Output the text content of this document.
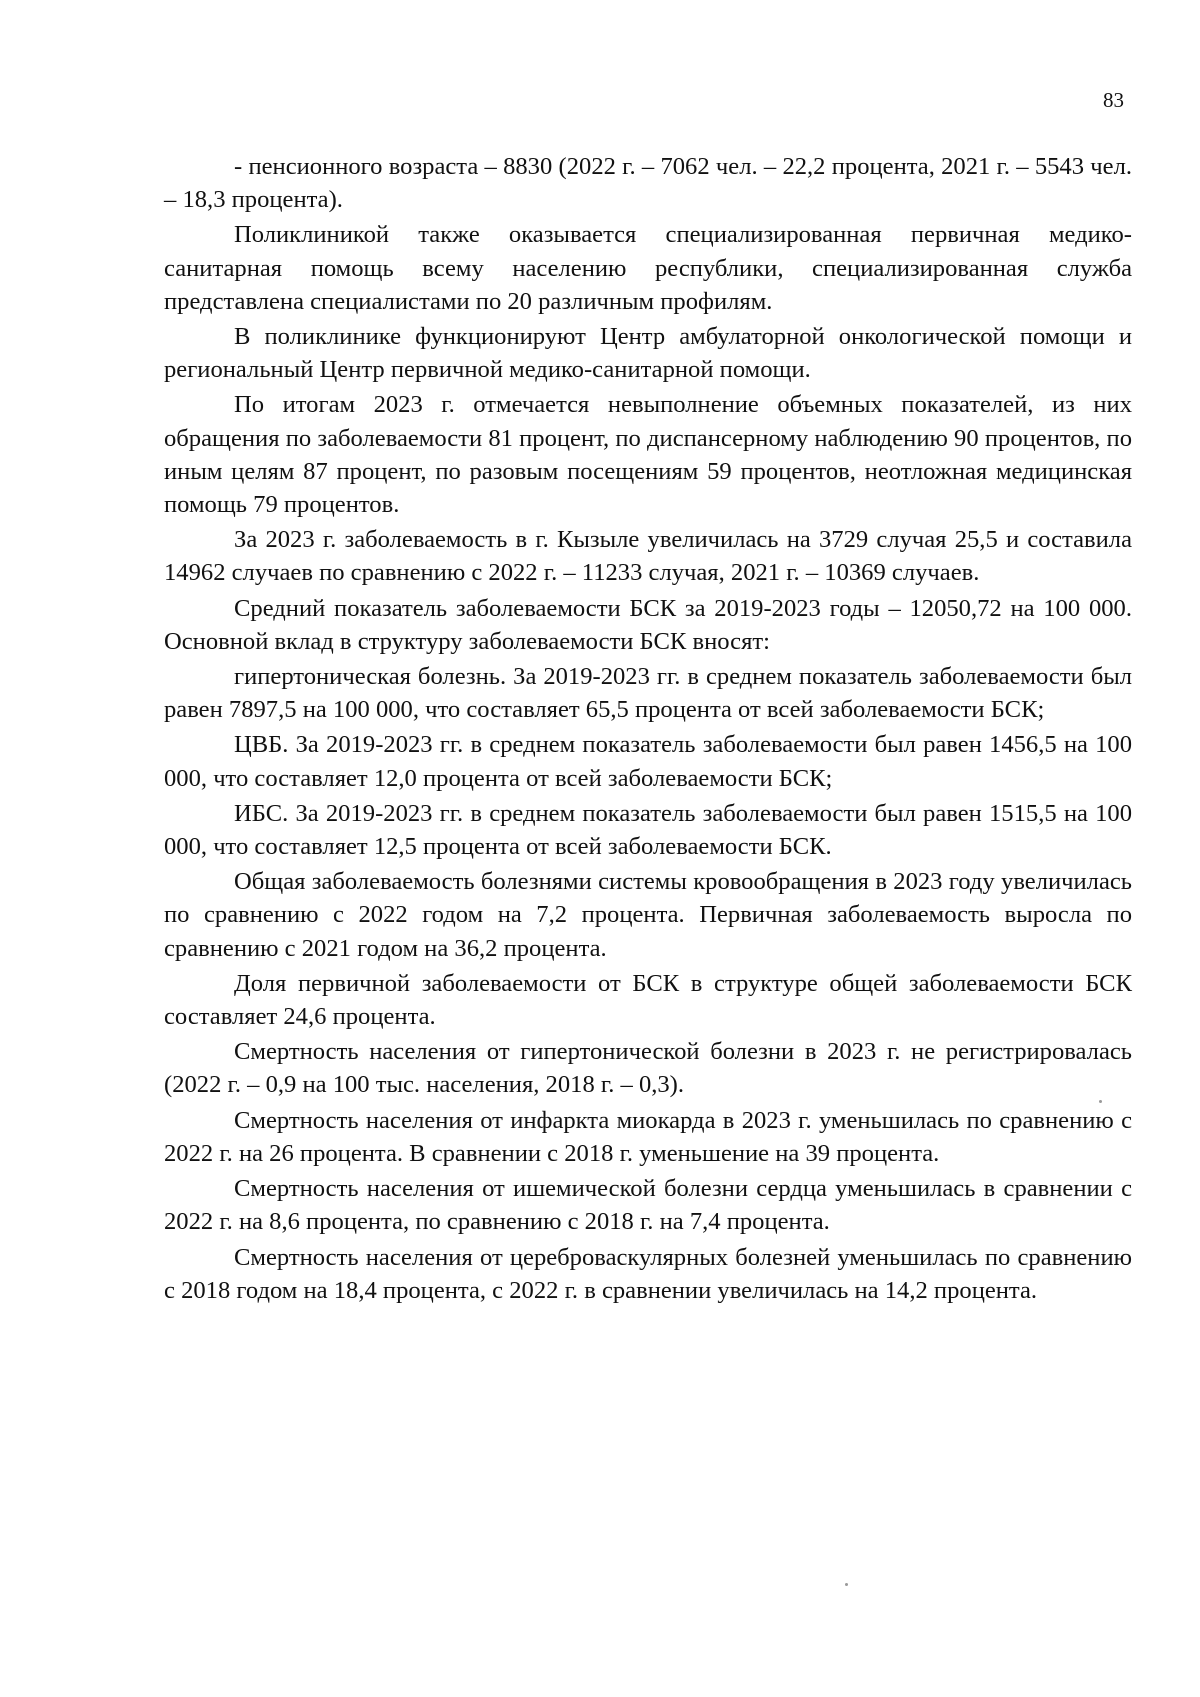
83

- пенсионного возраста – 8830 (2022 г. – 7062 чел. – 22,2 процента, 2021 г. – 5543 чел. – 18,3 процента).

Поликлиникой также оказывается специализированная первичная медико-санитарная помощь всему населению республики, специализированная служба представлена специалистами по 20 различным профилям.

В поликлинике функционируют Центр амбулаторной онкологической помощи и региональный Центр первичной медико-санитарной помощи.

По итогам 2023 г. отмечается невыполнение объемных показателей, из них обращения по заболеваемости 81 процент, по диспансерному наблюдению 90 процентов, по иным целям 87 процент, по разовым посещениям 59 процентов, неотложная медицинская помощь 79 процентов.

За 2023 г. заболеваемость в г. Кызыле увеличилась на 3729 случая 25,5 и составила 14962 случаев по сравнению с 2022 г. – 11233 случая, 2021 г. – 10369 случаев.

Средний показатель заболеваемости БСК за 2019-2023 годы – 12050,72 на 100 000. Основной вклад в структуру заболеваемости БСК вносят:

гипертоническая болезнь. За 2019-2023 гг. в среднем показатель заболеваемости был равен 7897,5 на 100 000, что составляет 65,5 процента от всей заболеваемости БСК;

ЦВБ. За 2019-2023 гг. в среднем показатель заболеваемости был равен 1456,5 на 100 000, что составляет 12,0 процента от всей заболеваемости БСК;

ИБС. За 2019-2023 гг. в среднем показатель заболеваемости был равен 1515,5 на 100 000, что составляет 12,5 процента от всей заболеваемости БСК.

Общая заболеваемость болезнями системы кровообращения в 2023 году увеличилась по сравнению с 2022 годом на 7,2 процента. Первичная заболеваемость выросла по сравнению с 2021 годом на 36,2 процента.

Доля первичной заболеваемости от БСК в структуре общей заболеваемости БСК составляет 24,6 процента.

Смертность населения от гипертонической болезни в 2023 г. не регистрировалась (2022 г. – 0,9 на 100 тыс. населения, 2018 г. – 0,3).

Смертность населения от инфаркта миокарда в 2023 г. уменьшилась по сравнению с 2022 г. на 26 процента. В сравнении с 2018 г. уменьшение на 39 процента.

Смертность населения от ишемической болезни сердца уменьшилась в сравнении с 2022 г. на 8,6 процента, по сравнению с 2018 г. на 7,4 процента.

Смертность населения от цереброваскулярных болезней уменьшилась по сравнению с 2018 годом на 18,4 процента, с 2022 г. в сравнении увеличилась на 14,2 процента.
